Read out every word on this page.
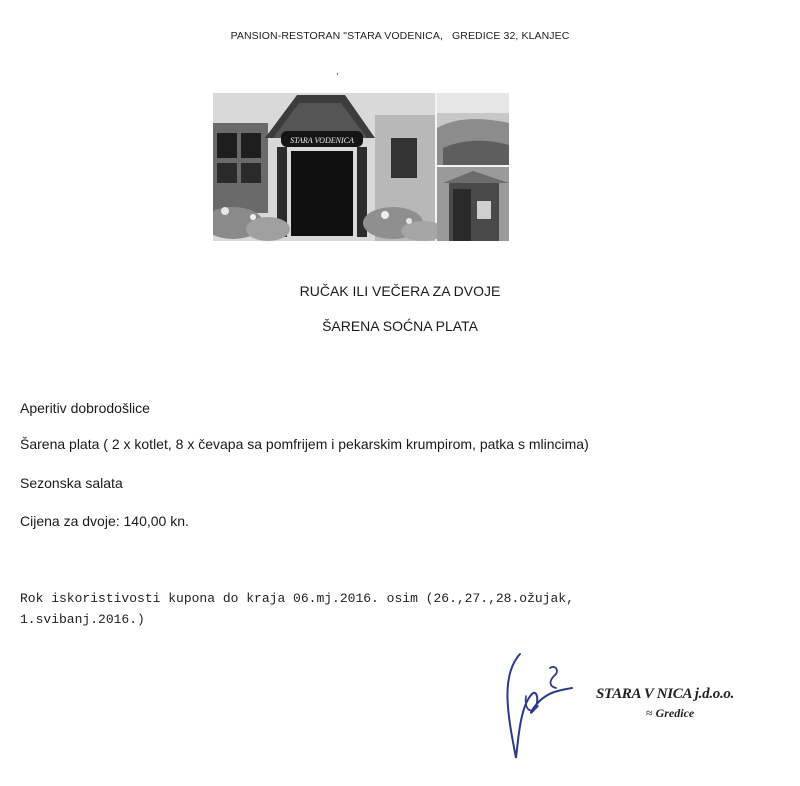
PANSION-RESTORAN "STARA VODENICA, GREDICE 32, KLANJEC
,
STARA VODENICA
RUČAK ILI VEČERA ZA DVOJE
ŠARENA SOĆNA PLATA
Aperitiv dobrodošlice
Šarena plata ( 2 x kotlet, 8 x čevapa sa pomfrijem i pekarskim krumpirom, patka s mlincima)
Sezonska salata
Cijena za dvoje: 140,00 kn.
Rok iskoristivosti kupona do kraja 06.mj.2016. osim (26.,27.,28.ožujak,
1.svibanj.2016.)
STARA V NICA j.d.o.o.
≈ Gredice
